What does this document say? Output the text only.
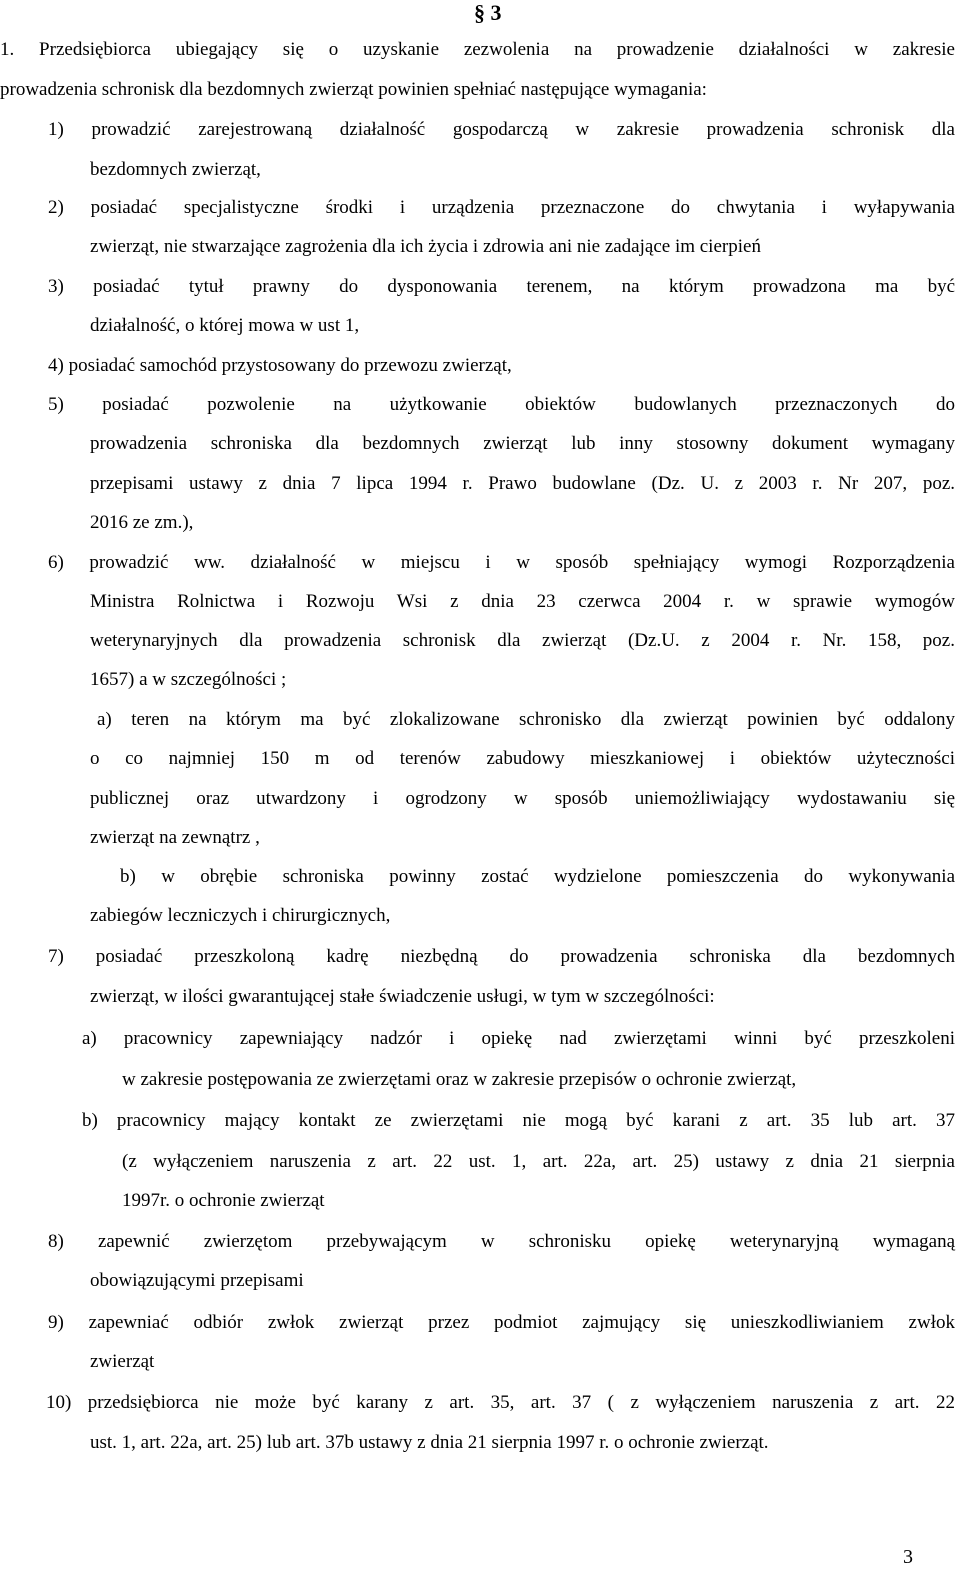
§ 3
1. Przedsiębiorca ubiegający się o uzyskanie zezwolenia na prowadzenie działalności w zakresie
prowadzenia schronisk dla bezdomnych zwierząt powinien spełniać następujące wymagania:
1) prowadzić zarejestrowaną działalność gospodarczą w zakresie prowadzenia schronisk dla
bezdomnych zwierząt,
2) posiadać specjalistyczne środki i urządzenia przeznaczone do chwytania i wyłapywania
zwierząt, nie stwarzające zagrożenia dla ich życia i zdrowia ani nie zadające im cierpień
3) posiadać tytuł prawny do dysponowania terenem, na którym prowadzona ma być
działalność, o której mowa w ust 1,
4) posiadać samochód przystosowany do przewozu zwierząt,
5) posiadać pozwolenie na użytkowanie obiektów budowlanych przeznaczonych do
prowadzenia schroniska dla bezdomnych zwierząt lub inny stosowny dokument wymagany
przepisami ustawy z dnia 7 lipca 1994 r. Prawo budowlane (Dz. U. z 2003 r. Nr 207, poz.
2016 ze zm.),
6) prowadzić ww. działalność w miejscu i w sposób spełniający wymogi Rozporządzenia
Ministra Rolnictwa i Rozwoju Wsi z dnia 23 czerwca 2004 r. w sprawie wymogów
weterynaryjnych dla prowadzenia schronisk dla zwierząt (Dz.U. z 2004 r. Nr. 158, poz.
1657) a w szczególności ;
a) teren na którym ma być zlokalizowane schronisko dla zwierząt powinien być oddalony
o co najmniej 150 m od terenów zabudowy mieszkaniowej i obiektów użyteczności
publicznej oraz utwardzony i ogrodzony w sposób uniemożliwiający wydostawaniu się
zwierząt na zewnątrz ,
b) w obrębie schroniska powinny zostać wydzielone pomieszczenia do wykonywania
zabiegów leczniczych i chirurgicznych,
7) posiadać przeszkoloną kadrę niezbędną do prowadzenia schroniska dla bezdomnych
zwierząt, w ilości gwarantującej stałe świadczenie usługi, w tym w szczególności:
a) pracownicy zapewniający nadzór i opiekę nad zwierzętami winni być przeszkoleni
w zakresie postępowania ze zwierzętami oraz w zakresie przepisów o ochronie zwierząt,
b) pracownicy mający kontakt ze zwierzętami nie mogą być karani z art. 35 lub art. 37
(z wyłączeniem naruszenia z art. 22 ust. 1, art. 22a, art. 25) ustawy z dnia 21 sierpnia
1997r. o ochronie zwierząt
8) zapewnić zwierzętom przebywającym w schronisku opiekę weterynaryjną wymaganą
obowiązującymi przepisami
9) zapewniać odbiór zwłok zwierząt przez podmiot zajmujący się unieszkodliwianiem zwłok
zwierząt
10) przedsiębiorca nie może być karany z art. 35, art. 37 ( z wyłączeniem naruszenia z art. 22
ust. 1, art. 22a, art. 25) lub art. 37b ustawy z dnia 21 sierpnia 1997 r. o ochronie zwierząt.
3
